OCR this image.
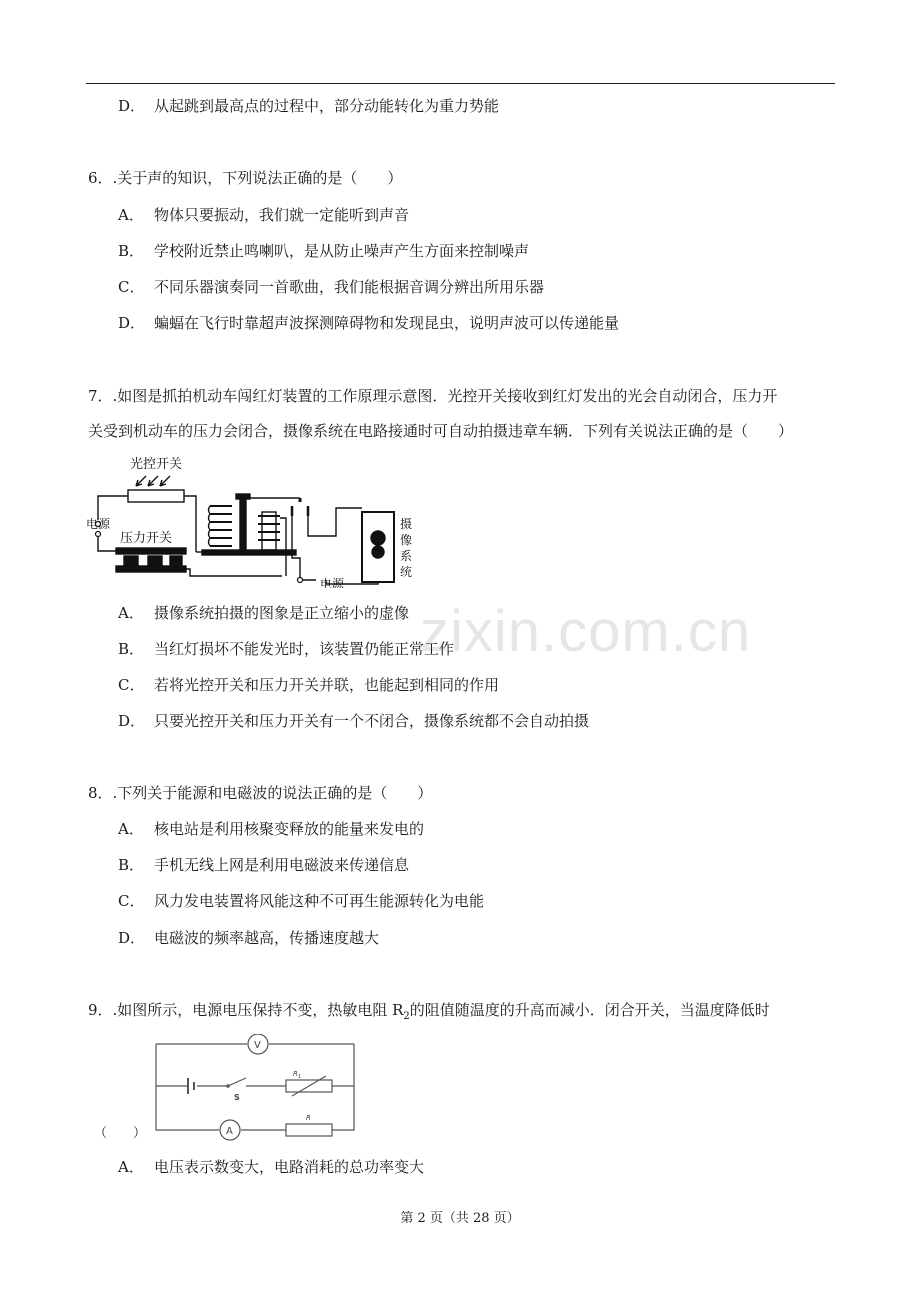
D． 从起跳到最高点的过程中，部分动能转化为重力势能
6．.关于声的知识，下列说法正确的是（　　）
A． 物体只要振动，我们就一定能听到声音
B． 学校附近禁止鸣喇叭，是从防止噪声产生方面来控制噪声
C． 不同乐器演奏同一首歌曲，我们能根据音调分辨出所用乐器
D． 蝙蝠在飞行时靠超声波探测障碍物和发现昆虫，说明声波可以传递能量
7．.如图是抓拍机动车闯红灯装置的工作原理示意图．光控开关接收到红灯发出的光会自动闭合，压力开
关受到机动车的压力会闭合，摄像系统在电路接通时可自动拍摄违章车辆．下列有关说法正确的是（　　）
光控开关
电源
压力开关
电源
摄
像
系
统
zixin.com.cn
A． 摄像系统拍摄的图象是正立缩小的虚像
B． 当红灯损坏不能发光时，该装置仍能正常工作
C． 若将光控开关和压力开关并联，也能起到相同的作用
D． 只要光控开关和压力开关有一个不闭合，摄像系统都不会自动拍摄
8．.下列关于能源和电磁波的说法正确的是（　　）
A． 核电站是利用核聚变释放的能量来发电的
B． 手机无线上网是利用电磁波来传递信息
C． 风力发电装置将风能这种不可再生能源转化为电能
D． 电磁波的频率越高，传播速度越大
9．.如图所示，电源电压保持不变，热敏电阻 $R_2$的阻值随温度的升高而减小．闭合开关，当温度降低时
V
A
S
$R_1$
R
（　　）
A． 电压表示数变大，电路消耗的总功率变大
第 2 页（共 28 页）
